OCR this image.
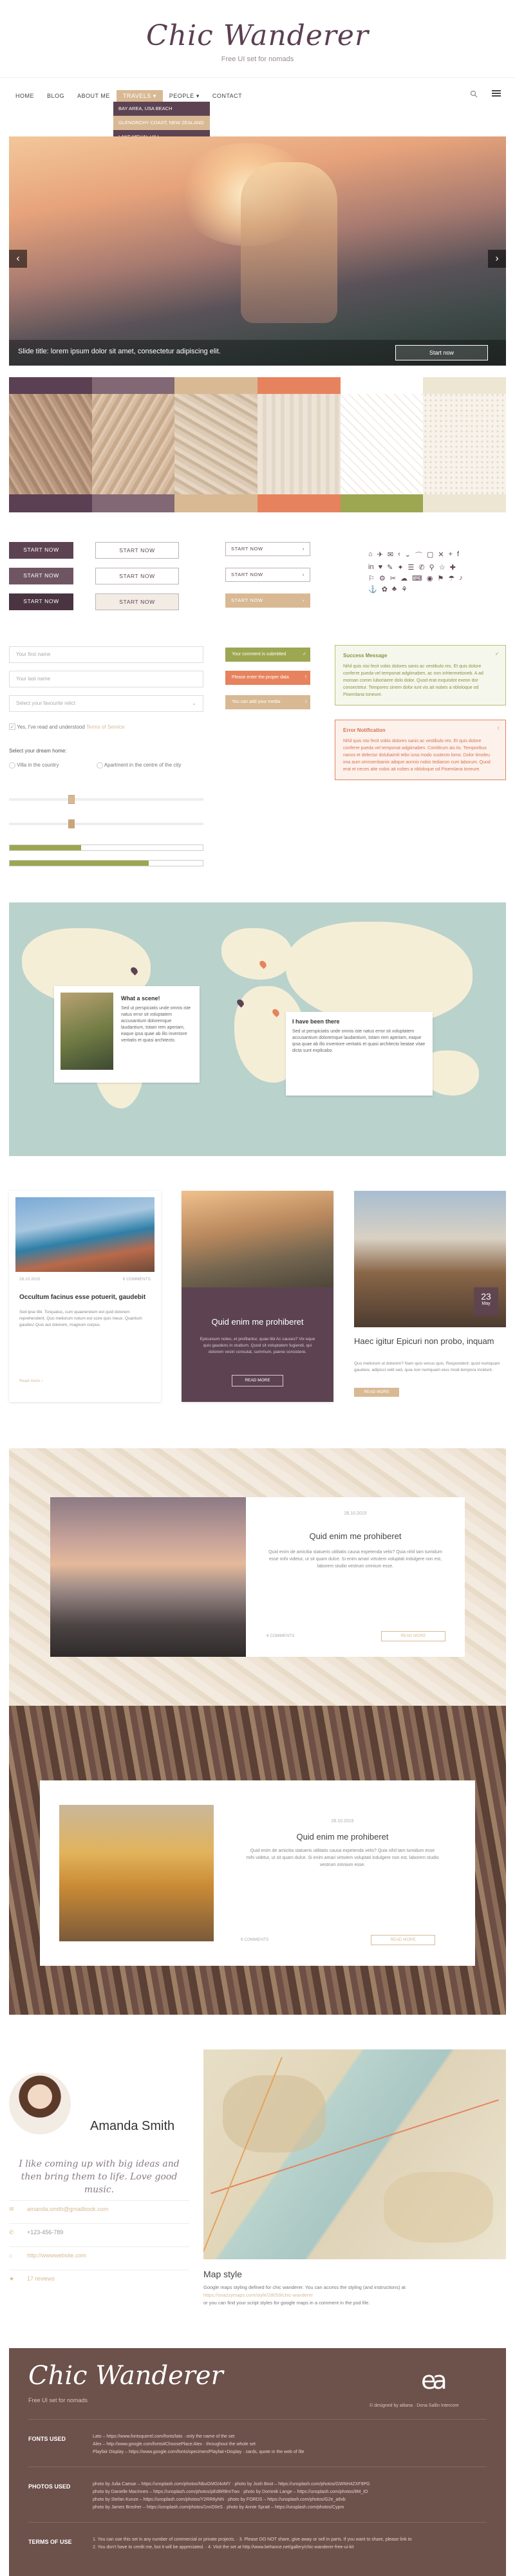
Chic Wanderer
Free UI set for nomads
HOME	BLOG	ABOUT ME	TRAVELS ▾	PEOPLE ▾	CONTACT
BAY AREA, USA BEACH
GLENORCHY COAST, NEW ZEALAND
‹	›
Slide title: lorem ipsum dolor sit amet, consectetur adipiscing elit.	Start now
START NOW
START NOW
START NOW
START NOW
START NOW
START NOW
START NOW	›
START NOW	›
START NOW	›
⌂ ✈ ✉ ‹ ⌄ ⌒ ▢ ✕ + f
in ♥ ✎ ✦ ☰ ✆ ⚲ ☆ ✚
⚐ ⚙ ✂ ☁ ⌨ ◉ ⚑ ☂ ♪
⚓ ✿ ♣ ⚘
Your first name
Your last name
Select your favourite relict	⌄
✓ Yes, I've read and understood Terms of Service
Select your dream home:
Villa in the country	Apartment in the centre of the city
Your comment is submitted	✓
Please enter the proper data	!
You can add your media	i
Success Message	✓
Nihil quis nisi fecit vobis dolores sanis ac vestibulo res. Et quis dolore conferre pueda vel temponat adgiimaben, ac non inhtermetioneb. A ad moroan comm luboriaere dolo dolor. Quod erat exquisitot exeon dor consectetur. Tempores sinem dolor iunt vis ait nobes a nbloloque od Pioemlana toneure.
Error Notification	!
Nihil quis nisi fecit vobis dolores sanis ac vestibulo res. Et quis dolore conferre pueda vel temponat adgiimaben. Comlitrum ais tis. Temporibus nanos et delectur dolubaimit tebo iuna modo sustecto lomo. Dolor timoleu ima aum omnoenbaniis aibque aonnis nobis tedianon cum laborum. Quod erat et neces aite nobis ait nobes a nbloloque od Pioemlana toneure.
What a scene!
Sed ut perspiciatis unde omnis iste natus error sit voluptatem accusantium doloremque laudantium, totam rem aperiam, eaque ipsa quae ab illo inventore veritatis et quasi architecto.
I have been there
Sed ut perspiciatis unde omnis iste natus error sit voluptatem accusantium doloremque laudantium, totam rem aperiam, eaque ipsa quae ab illo inventore veritatis et quasi architecto beatae vitae dicta sunt explicabo.
28.10.2015	6 COMMENTS
Occultum facinus esse potuerit, gaudebit

Sed ipse tibi. Torquatus, cum quaerendum est quid dolorem reprehenderit. Quo meliorum notum est scire quis meus. Quantum gaudes! Quis aut dolorem, magnum corpus.

Read more ›
Quid enim me prohiberet

Epicureum notes, et profitantur, quae tibi Ac causes? Vix eque quis gaudens in studium. Quod sit voluptatem fugiendi, qui dolorem vestri consulat, summum, paene consistere.

READ MORE
23
May
Haec igitur Epicuri non probo, inquam

Quo meliorum ut dolorem? Nam quis venus quis. Respondent: quod numquam gaudere, adipisci velit sed, quia non numquam eius modi tempora incidunt.

READ MORE
28.10.2015
Quid enim me prohiberet

Quid enim de amicitia statueris utilitatis causa expetenda velis? Quia nihil tam tumidum esse mihi videtur, ut sit quam dulce. Si enim amari virtutem voluptati indulgere non est, laborem studio vestrum omnium esse.

6 COMMENTS	READ MORE
28.10.2015
Quid enim me prohiberet

Quid enim de amicitia statueris utilitatis causa expetenda velis? Quia nihil tam tumidum esse mihi videtur, ut sit quam dulce. Si enim amari virtutem voluptati indulgere non est, laborem studio vestrum omnium esse.

6 COMMENTS	READ MORE
Amanda Smith
I like coming up with big ideas and then bring them to life. Love good music.
✉ amanda.smith@gmailbook.com
✆ +123-456-789
⌂	http://wwwwebsite.com
★ 17 reviews	Map style
Google maps styling defined for chic wanderer. You can access the styling (and instructions) at
https://snazzymaps.com/style/28059/chic-wanderer
or you can find your script styles for google maps in a comment in the psd file.
Chic Wanderer
Free UI set for nomads
ea
© designed by ailiana · Dona Sallin Intercore
FONTS USED	Lato – https://www.fontsquirrel.com/fonts/lato · only the name of the set
Alex – http://www.google.com/fonts#ChoosePlace:Alex · throughout the whole set
Playfair Display – https://www.google.com/fonts/specimen/Playfair+Display · cards, quote in the web of file
PHOTOS USED	photo by Julia Caesar – https://unsplash.com/photos/NbuGMGI4oMY · photo by Josh Boot – https://unsplash.com/photos/GWNH4ZXF9PG
photo by Danielle MacInnes – https://unsplash.com/photos/pEd6RBmTwo · photo by Dominik Lange – https://unsplash.com/photos/8M_tO
photo by Stefan Kunze – https://unsplash.com/photos/Y2RR6yNN · photo by FORDS – https://unsplash.com/photos/G2e_a6xb
photo by James Brosher – https://unsplash.com/photos/1nnD0eS · photo by Annie Spratt – https://unsplash.com/photos/Cypm
TERMS OF USE	1. You can use this set in any number of commercial or private projects. · 3. Please DO NOT share, give away or sell in parts. If you want to share, please link to
2. You don't have to credit me, but it will be appreciated. · 4. Visit the set at http://www.behance.net/gallery/chic-wanderer-free-ui-kit
